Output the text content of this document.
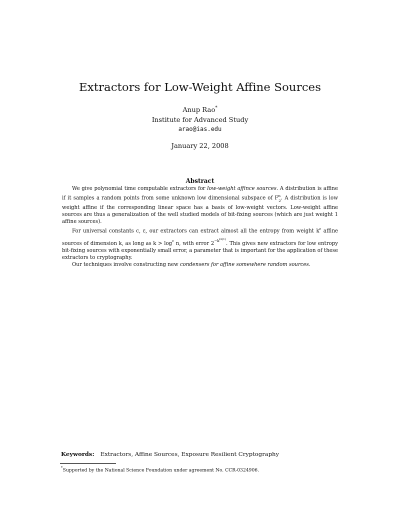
Extractors for Low-Weight Affine Sources
Anup Rao*
Institute for Advanced Study
arao@ias.edu
January 22, 2008
Abstract

We give polynomial time computable extractors for low-weight affince sources. A distribution is affine if it samples a random points from some unknown low dimensional subspace of $F^n_2$. A distribution is low weight affine if the corresponding linear space has a basis of low-weight vectors. Low-weight affine sources are thus a generalization of the well studied models of bit-fixing sources (which are just weight 1 affine sources).

For universal constants c, ε, our extractors can extract almost all the entropy from weight $k^\varepsilon$ affine sources of dimension k, as long as $k > \log^c n$, with error $2^{-k^{\Omega(1)}}$. This gives new extractors for low entropy bit-fixing sources with exponentially small error, a parameter that is important for the application of these extractors to cryptography.

Our techniques involve constructing new condensers for affine somewhere random sources.

Keywords: Extractors, Affine Sources, Exposure Resilient Cryptography
*Supported by the National Science Foundation under agreement No. CCR-0324906.
